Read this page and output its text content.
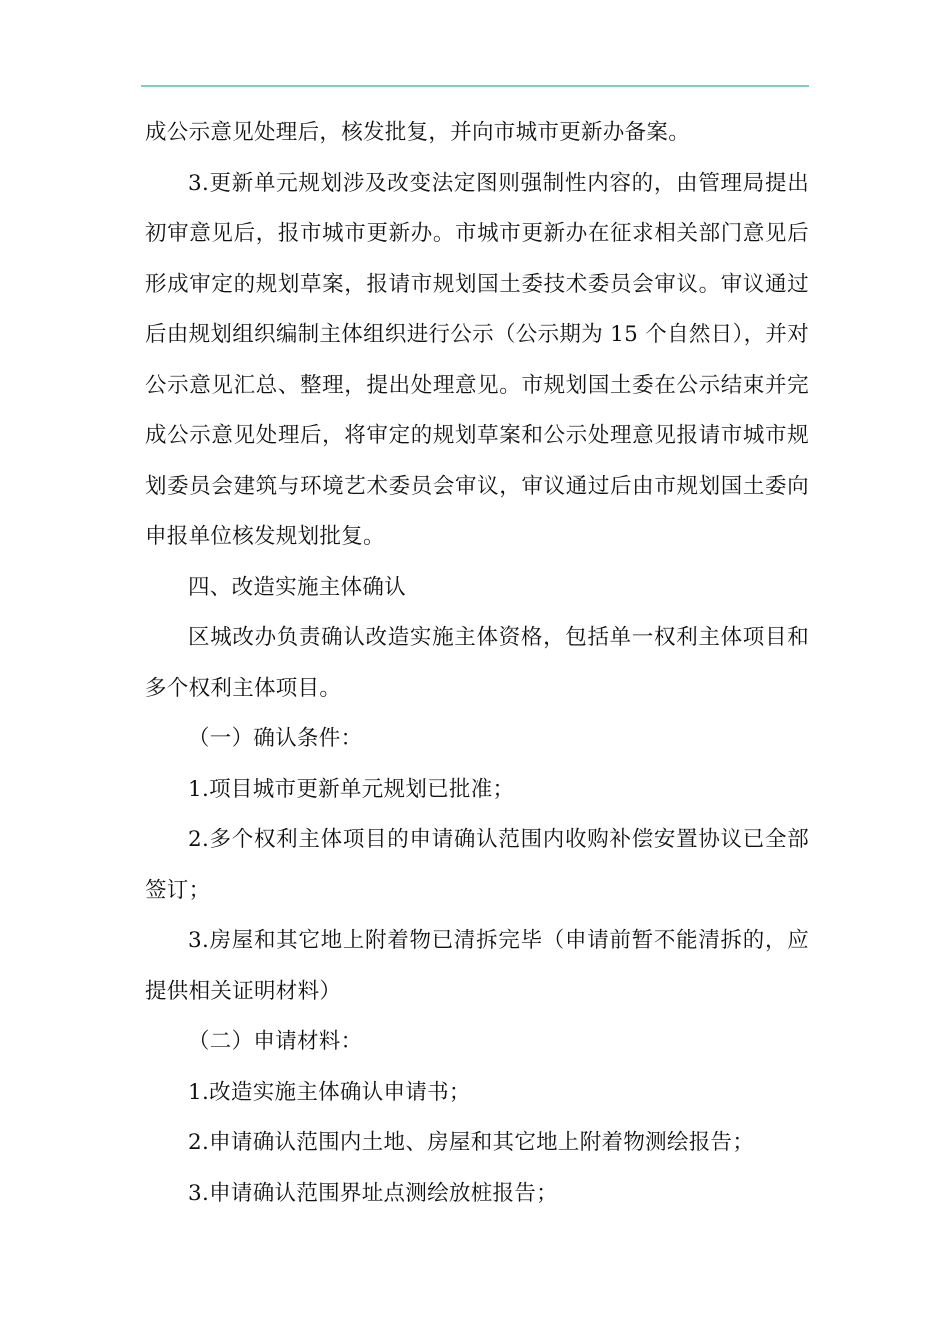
成公示意见处理后，核发批复，并向市城市更新办备案。

3.更新单元规划涉及改变法定图则强制性内容的，由管理局提出初审意见后，报市城市更新办。市城市更新办在征求相关部门意见后形成审定的规划草案，报请市规划国土委技术委员会审议。审议通过后由规划组织编制主体组织进行公示（公示期为 15 个自然日），并对公示意见汇总、整理，提出处理意见。市规划国土委在公示结束并完成公示意见处理后，将审定的规划草案和公示处理意见报请市城市规划委员会建筑与环境艺术委员会审议，审议通过后由市规划国土委向申报单位核发规划批复。

四、改造实施主体确认

区城改办负责确认改造实施主体资格，包括单一权利主体项目和多个权利主体项目。

（一）确认条件：

1.项目城市更新单元规划已批准；

2.多个权利主体项目的申请确认范围内收购补偿安置协议已全部签订；

3.房屋和其它地上附着物已清拆完毕（申请前暂不能清拆的，应提供相关证明材料）

（二）申请材料：

1.改造实施主体确认申请书；

2.申请确认范围内土地、房屋和其它地上附着物测绘报告；

3.申请确认范围界址点测绘放桩报告；
